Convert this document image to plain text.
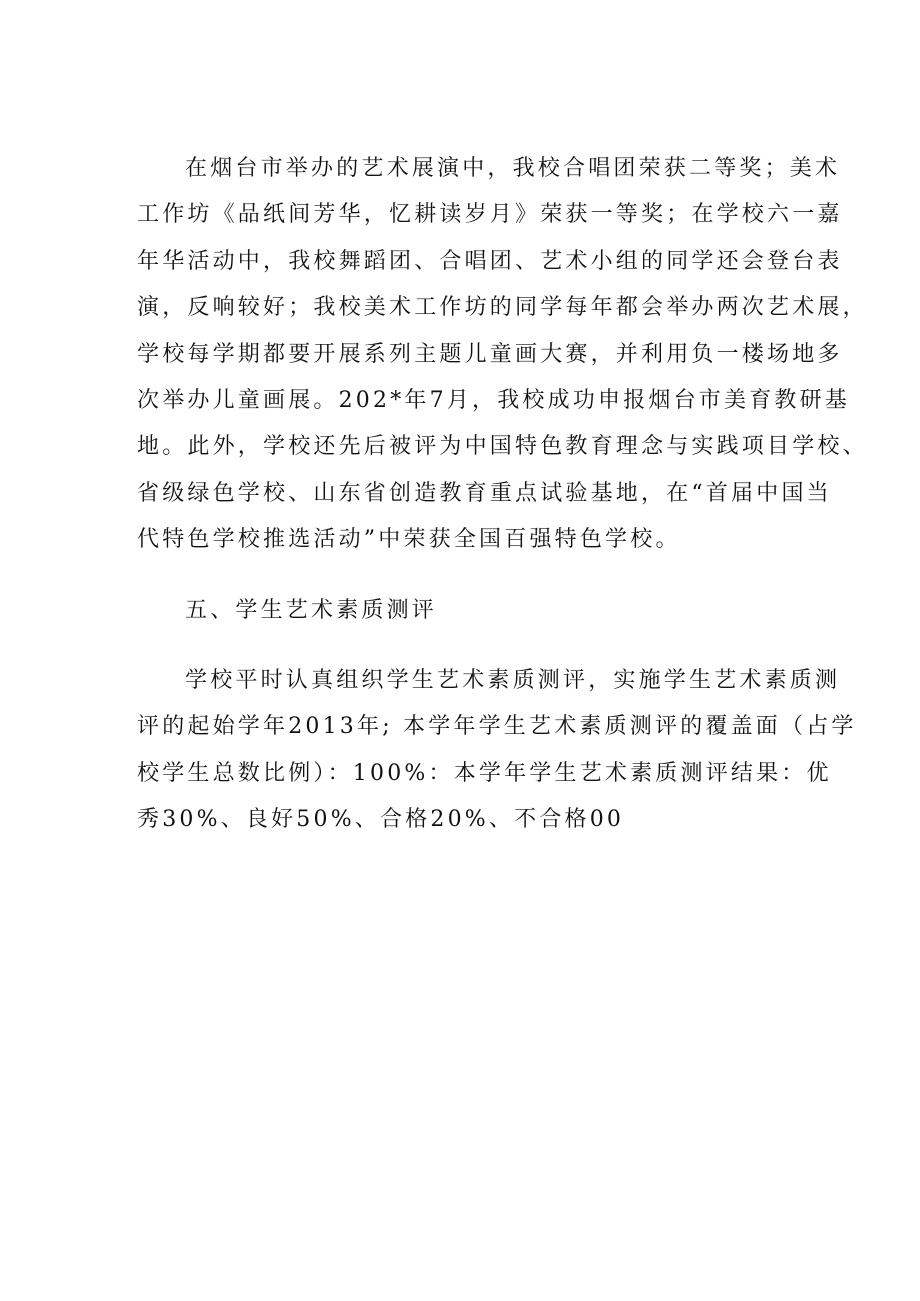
在烟台市举办的艺术展演中，我校合唱团荣获二等奖；美术
工作坊《品纸间芳华，忆耕读岁月》荣获一等奖；在学校六一嘉
年华活动中，我校舞蹈团、合唱团、艺术小组的同学还会登台表
演，反响较好；我校美术工作坊的同学每年都会举办两次艺术展，
学校每学期都要开展系列主题儿童画大赛，并利用负一楼场地多
次举办儿童画展。202*年7月，我校成功申报烟台市美育教研基
地。此外，学校还先后被评为中国特色教育理念与实践项目学校、
省级绿色学校、山东省创造教育重点试验基地，在“首届中国当
代特色学校推选活动”中荣获全国百强特色学校。
五、学生艺术素质测评
学校平时认真组织学生艺术素质测评，实施学生艺术素质测
评的起始学年2013年; 本学年学生艺术素质测评的覆盖面（占学
校学生总数比例）：100%：本学年学生艺术素质测评结果：优
秀30%、良好50%、合格20%、不合格00
